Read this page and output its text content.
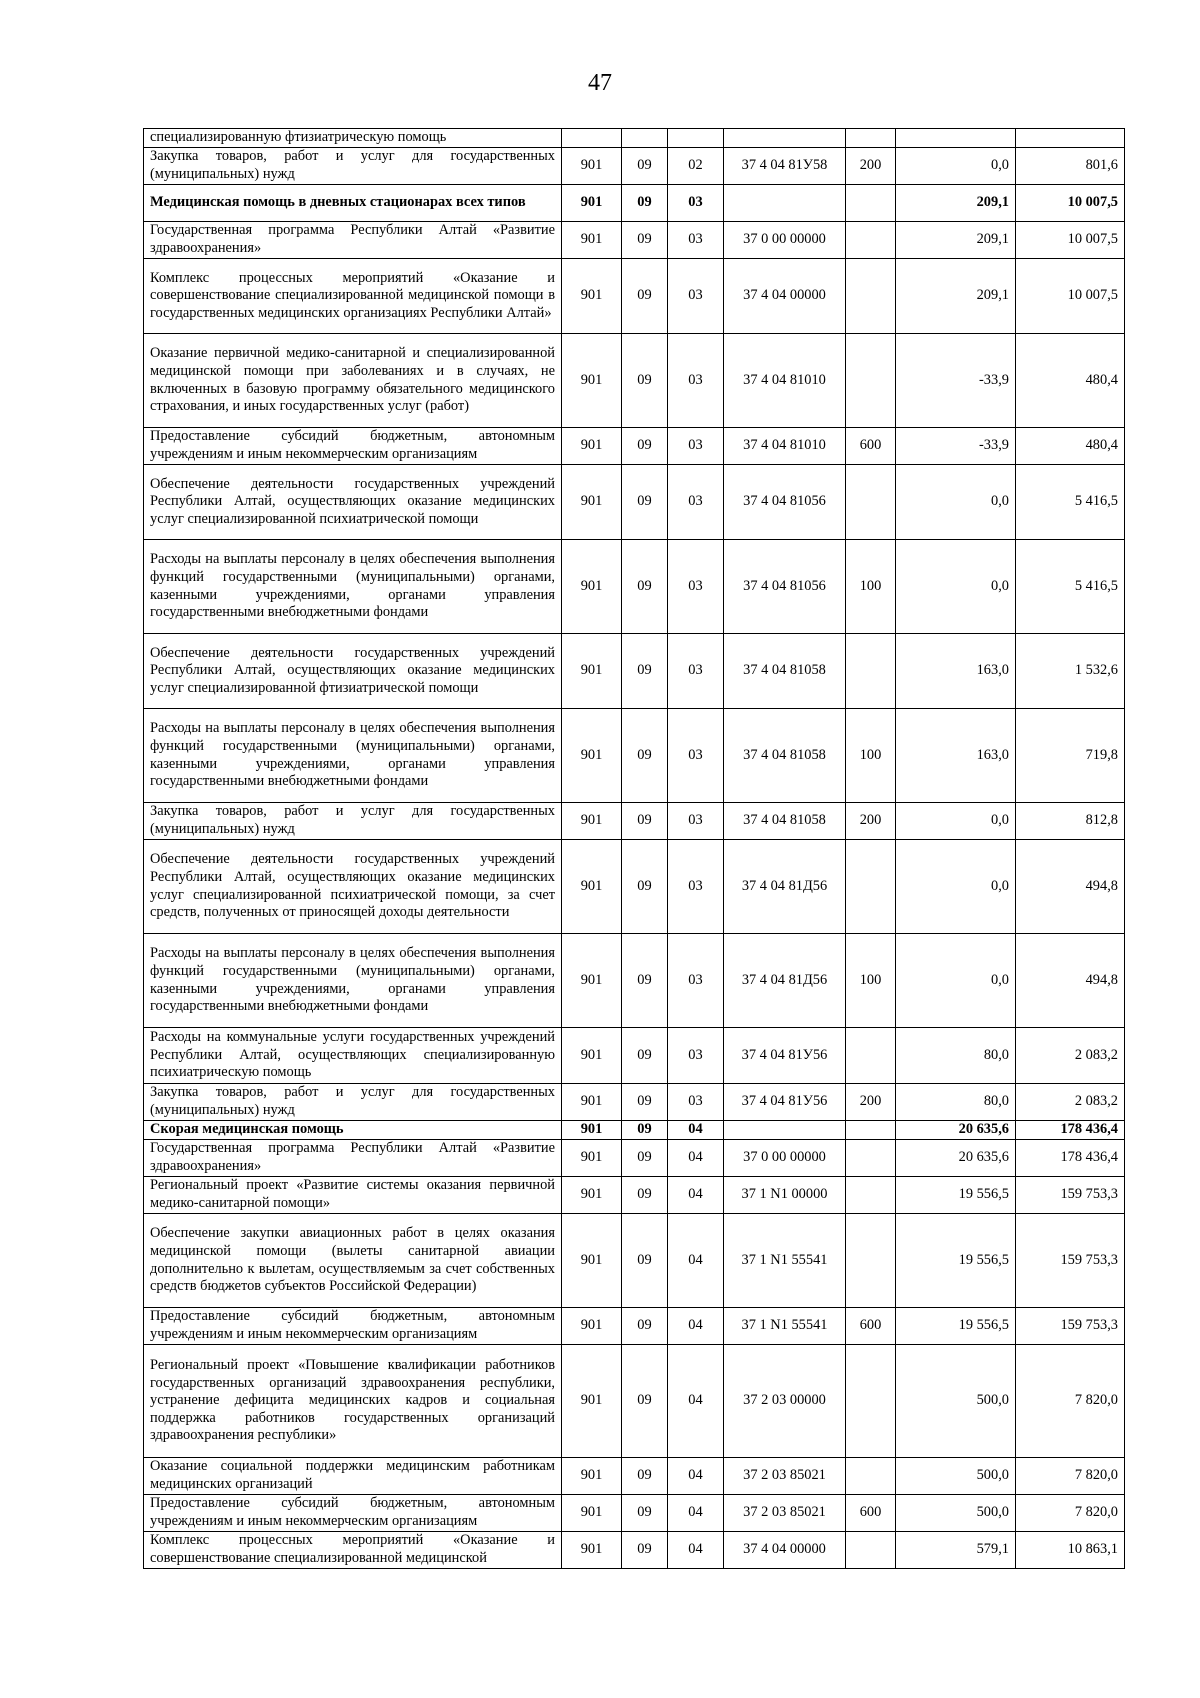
47
специализированную фтизиатрическую помощь							
Закупка товаров, работ и услуг для государственных (муниципальных) нужд	901	09	02	37 4 04 81У58	200	0,0	801,6
Медицинская помощь в дневных стационарах всех типов	901	09	03			209,1	10 007,5
Государственная программа Республики Алтай «Развитие здравоохранения»	901	09	03	37 0 00 00000		209,1	10 007,5
Комплекс процессных мероприятий «Оказание и совершенствование специализированной медицинской помощи в государственных медицинских организациях Республики Алтай»	901	09	03	37 4 04 00000		209,1	10 007,5
Оказание первичной медико-санитарной и специализированной медицинской помощи при заболеваниях и в случаях, не включенных в базовую программу обязательного медицинского страхования, и иных государственных услуг (работ)	901	09	03	37 4 04 81010		-33,9	480,4
Предоставление субсидий бюджетным, автономным учреждениям и иным некоммерческим организациям	901	09	03	37 4 04 81010	600	-33,9	480,4
Обеспечение деятельности государственных учреждений Республики Алтай, осуществляющих оказание медицинских услуг специализированной психиатрической помощи	901	09	03	37 4 04 81056		0,0	5 416,5
Расходы на выплаты персоналу в целях обеспечения выполнения функций государственными (муниципальными) органами, казенными учреждениями, органами управления государственными внебюджетными фондами	901	09	03	37 4 04 81056	100	0,0	5 416,5
Обеспечение деятельности государственных учреждений Республики Алтай, осуществляющих оказание медицинских услуг специализированной фтизиатрической помощи	901	09	03	37 4 04 81058		163,0	1 532,6
Расходы на выплаты персоналу в целях обеспечения выполнения функций государственными (муниципальными) органами, казенными учреждениями, органами управления государственными внебюджетными фондами	901	09	03	37 4 04 81058	100	163,0	719,8
Закупка товаров, работ и услуг для государственных (муниципальных) нужд	901	09	03	37 4 04 81058	200	0,0	812,8
Обеспечение деятельности государственных учреждений Республики Алтай, осуществляющих оказание медицинских услуг специализированной психиатрической помощи, за счет средств, полученных от приносящей доходы деятельности	901	09	03	37 4 04 81Д56		0,0	494,8
Расходы на выплаты персоналу в целях обеспечения выполнения функций государственными (муниципальными) органами, казенными учреждениями, органами управления государственными внебюджетными фондами	901	09	03	37 4 04 81Д56	100	0,0	494,8
Расходы на коммунальные услуги государственных учреждений Республики Алтай, осуществляющих специализированную психиатрическую помощь	901	09	03	37 4 04 81У56		80,0	2 083,2
Закупка товаров, работ и услуг для государственных (муниципальных) нужд	901	09	03	37 4 04 81У56	200	80,0	2 083,2
Скорая медицинская помощь	901	09	04			20 635,6	178 436,4
Государственная программа Республики Алтай «Развитие здравоохранения»	901	09	04	37 0 00 00000		20 635,6	178 436,4
Региональный проект «Развитие системы оказания первичной медико-санитарной помощи»	901	09	04	37 1 N1 00000		19 556,5	159 753,3
Обеспечение закупки авиационных работ в целях оказания медицинской помощи (вылеты санитарной авиации дополнительно к вылетам, осуществляемым за счет собственных средств бюджетов субъектов Российской Федерации)	901	09	04	37 1 N1 55541		19 556,5	159 753,3
Предоставление субсидий бюджетным, автономным учреждениям и иным некоммерческим организациям	901	09	04	37 1 N1 55541	600	19 556,5	159 753,3
Региональный проект «Повышение квалификации работников государственных организаций здравоохранения республики, устранение дефицита медицинских кадров и социальная поддержка работников государственных организаций здравоохранения республики»	901	09	04	37 2 03 00000		500,0	7 820,0
Оказание социальной поддержки медицинским работникам медицинских организаций	901	09	04	37 2 03 85021		500,0	7 820,0
Предоставление субсидий бюджетным, автономным учреждениям и иным некоммерческим организациям	901	09	04	37 2 03 85021	600	500,0	7 820,0
Комплекс процессных мероприятий «Оказание и совершенствование специализированной медицинской	901	09	04	37 4 04 00000		579,1	10 863,1
